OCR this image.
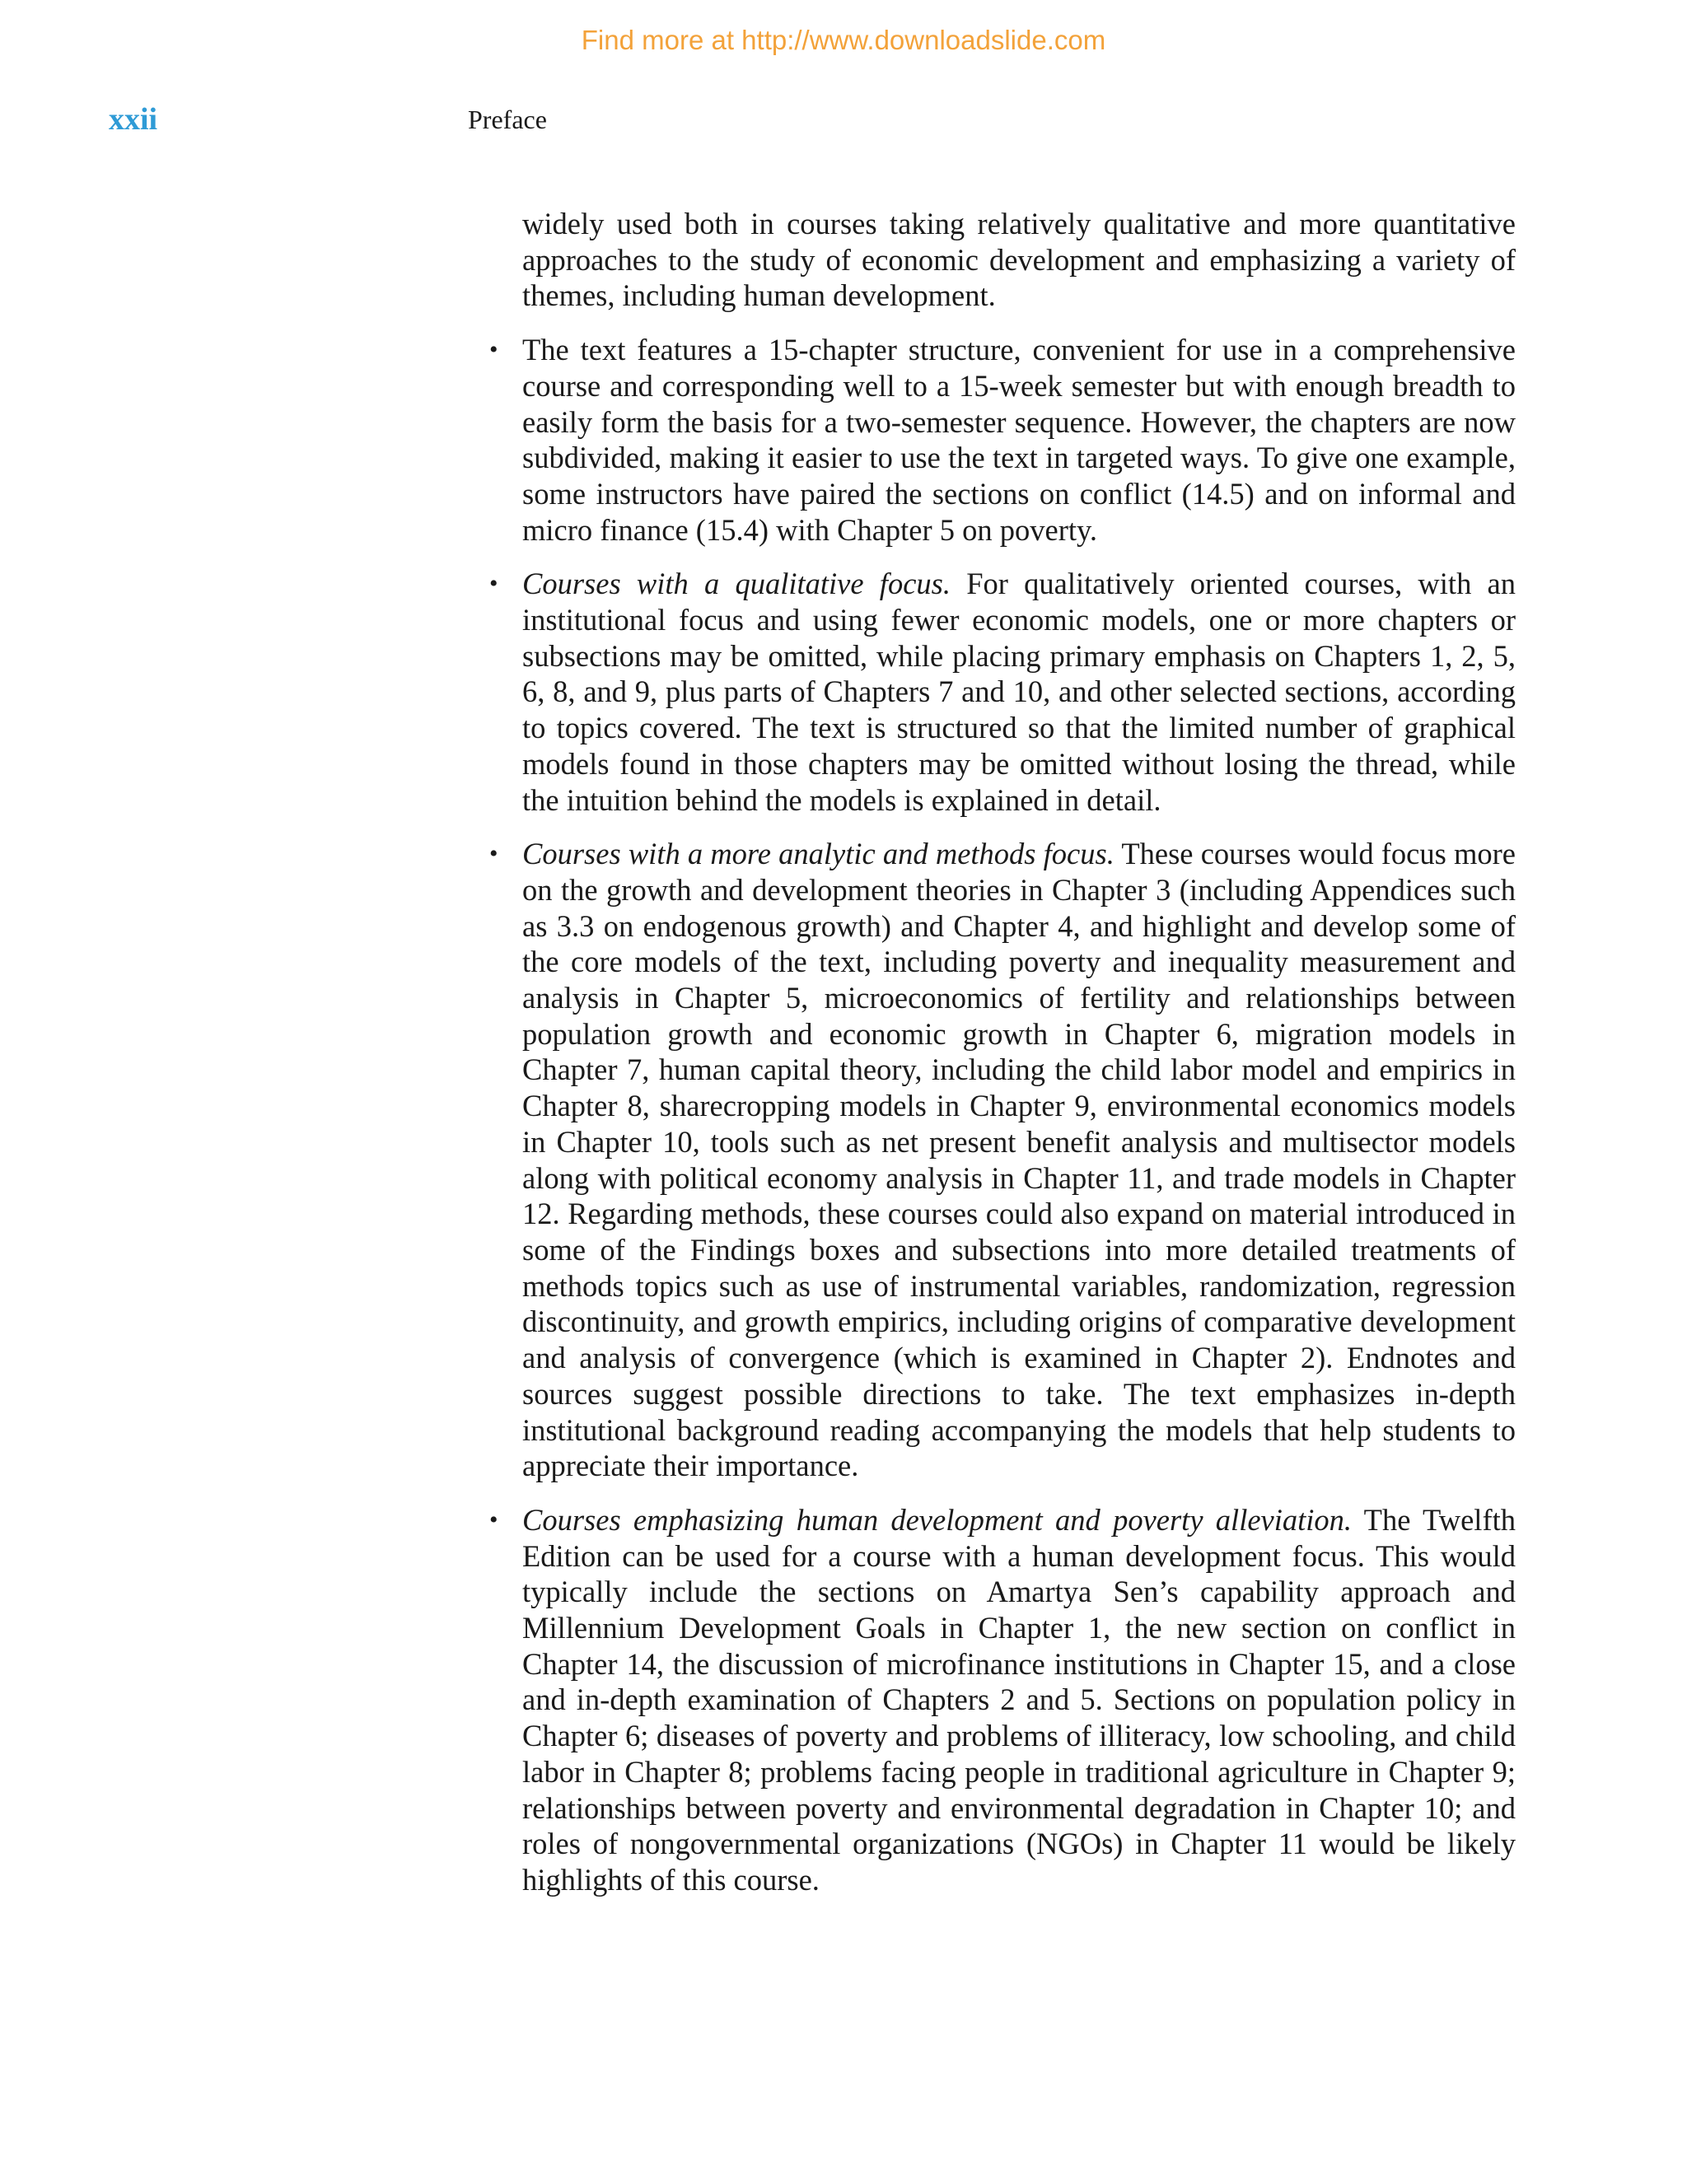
Find more at http://www.downloadslide.com
xxii	Preface

widely used both in courses taking relatively qualitative and more quantitative approaches to the study of economic development and emphasizing a variety of themes, including human development.

• The text features a 15-chapter structure, convenient for use in a comprehensive course and corresponding well to a 15-week semester but with enough breadth to easily form the basis for a two-semester sequence. However, the chapters are now subdivided, making it easier to use the text in targeted ways. To give one example, some instructors have paired the sections on conflict (14.5) and on informal and micro finance (15.4) with Chapter 5 on poverty.
• Courses with a qualitative focus. For qualitatively oriented courses, with an institutional focus and using fewer economic models, one or more chapters or subsections may be omitted, while placing primary emphasis on Chapters 1, 2, 5, 6, 8, and 9, plus parts of Chapters 7 and 10, and other selected sections, according to topics covered. The text is structured so that the limited number of graphical models found in those chapters may be omitted without losing the thread, while the intuition behind the models is explained in detail.
• Courses with a more analytic and methods focus. These courses would focus more on the growth and development theories in Chapter 3 (including Appendices such as 3.3 on endogenous growth) and Chapter 4, and highlight and develop some of the core models of the text, including poverty and inequality measurement and analysis in Chapter 5, microeconomics of fertility and relationships between population growth and economic growth in Chapter 6, migration models in Chapter 7, human capital theory, including the child labor model and empirics in Chapter 8, sharecropping models in Chapter 9, environmental economics models in Chapter 10, tools such as net present benefit analysis and multisector models along with political economy analysis in Chapter 11, and trade models in Chapter 12. Regarding methods, these courses could also expand on material introduced in some of the Findings boxes and subsections into more detailed treatments of methods topics such as use of instrumental variables, randomization, regression discontinuity, and growth empirics, including origins of comparative development and analysis of convergence (which is examined in Chapter 2). Endnotes and sources suggest possible directions to take. The text emphasizes in-depth institutional background reading accompanying the models that help students to appreciate their importance.
• Courses emphasizing human development and poverty alleviation. The Twelfth Edition can be used for a course with a human development focus. This would typically include the sections on Amartya Sen’s capability approach and Millennium Development Goals in Chapter 1, the new section on conflict in Chapter 14, the discussion of microfinance institutions in Chapter 15, and a close and in-depth examination of Chapters 2 and 5. Sections on population policy in Chapter 6; diseases of poverty and problems of illiteracy, low schooling, and child labor in Chapter 8; problems facing people in traditional agriculture in Chapter 9; relationships between poverty and environmental degradation in Chapter 10; and roles of nongovernmental organizations (NGOs) in Chapter 11 would be likely highlights of this course.
